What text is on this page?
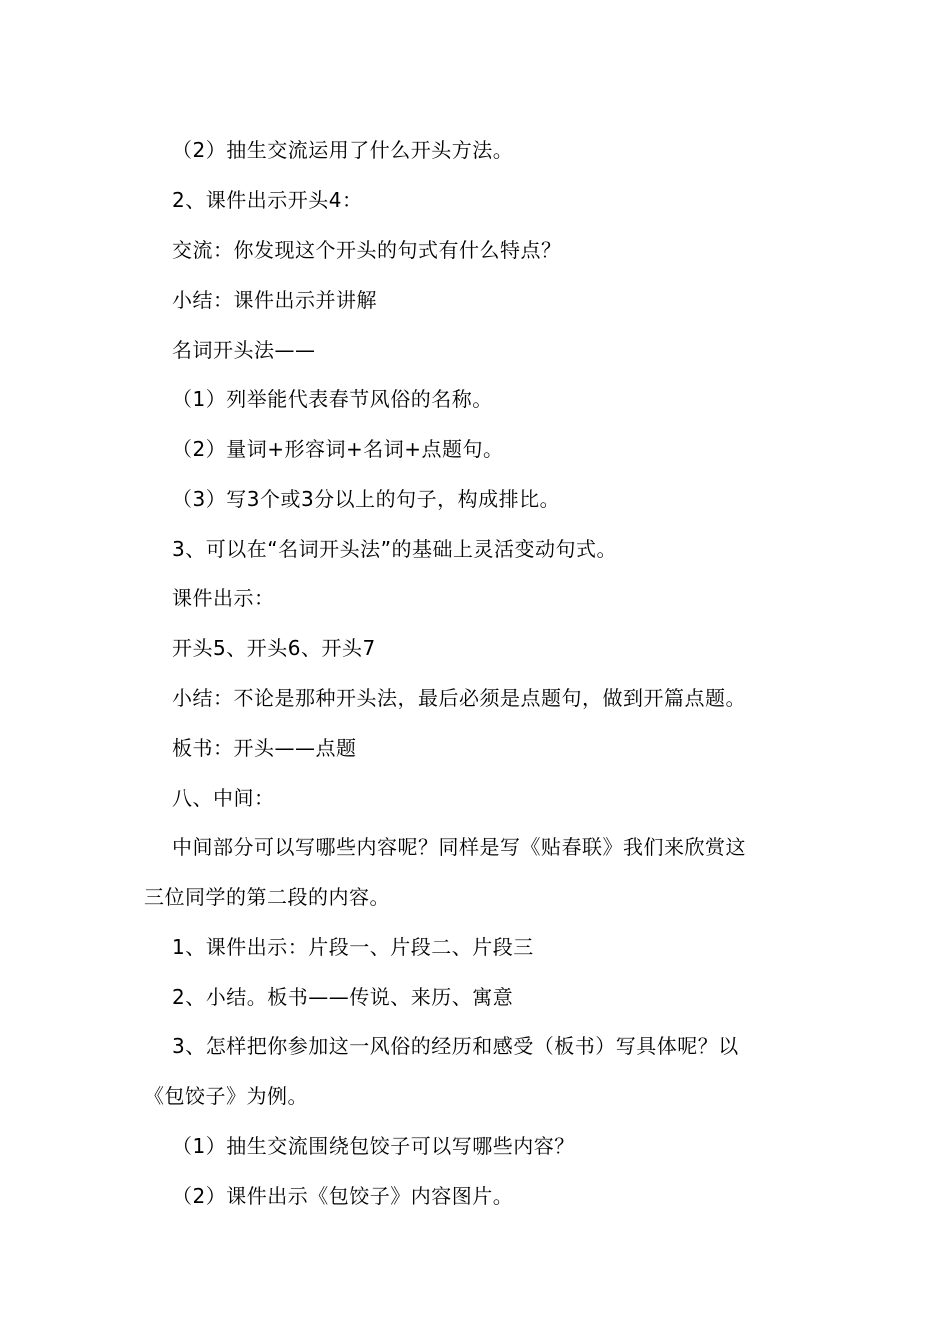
（2）抽生交流运用了什么开头方法。
2、课件出示开头4：
交流：你发现这个开头的句式有什么特点？
小结：课件出示并讲解
名词开头法——
（1）列举能代表春节风俗的名称。
（2）量词+形容词+名词+点题句。
（3）写3个或3分以上的句子，构成排比。
3、可以在“名词开头法”的基础上灵活变动句式。
课件出示：
开头5、开头6、开头7
小结：不论是那种开头法，最后必须是点题句，做到开篇点题。
板书：开头——点题
八、中间：
中间部分可以写哪些内容呢？同样是写《贴春联》我们来欣赏这
三位同学的第二段的内容。
1、课件出示：片段一、片段二、片段三
2、小结。板书——传说、来历、寓意
3、怎样把你参加这一风俗的经历和感受（板书）写具体呢？以
《包饺子》为例。
（1）抽生交流围绕包饺子可以写哪些内容？
（2）课件出示《包饺子》内容图片。
